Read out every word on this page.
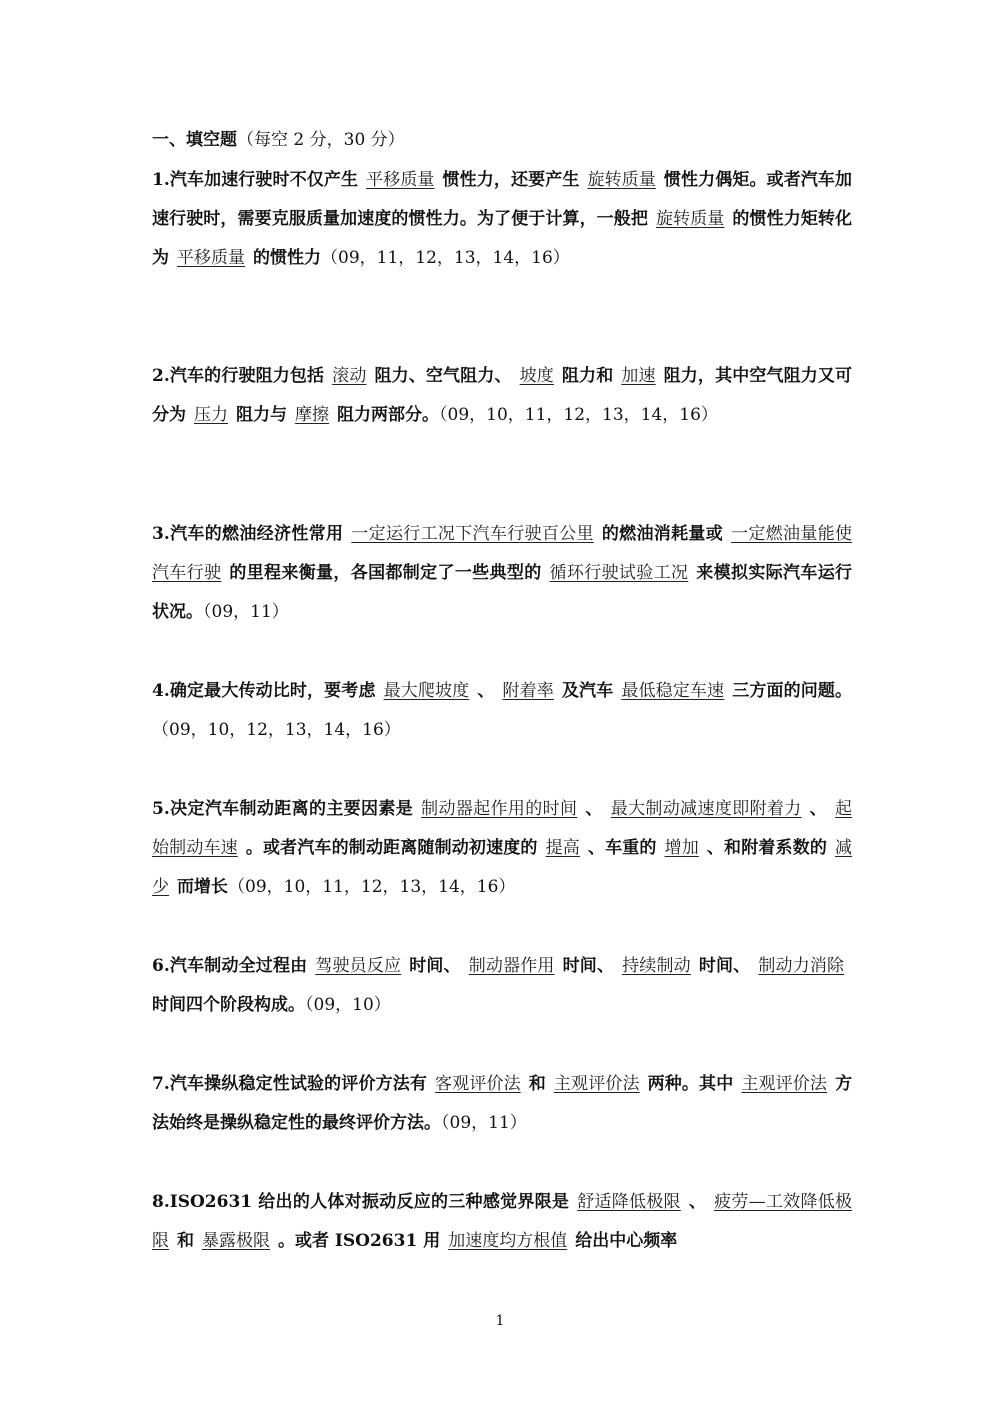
一、填空题（每空 2 分，30 分）
1.汽车加速行驶时不仅产生 平移质量 惯性力，还要产生 旋转质量 惯性力偶矩。或者汽车加速行驶时，需要克服质量加速度的惯性力。为了便于计算，一般把 旋转质量 的惯性力矩转化为 平移质量 的惯性力（09，11，12，13，14，16）
2.汽车的行驶阻力包括 滚动 阻力、空气阻力、 坡度 阻力和 加速 阻力，其中空气阻力又可分为 压力 阻力与 摩擦 阻力两部分。（09，10，11，12，13，14，16）
3.汽车的燃油经济性常用 一定运行工况下汽车行驶百公里 的燃油消耗量或 一定燃油量能使汽车行驶 的里程来衡量，各国都制定了一些典型的 循环行驶试验工况 来模拟实际汽车运行状况。（09，11）
4.确定最大传动比时，要考虑 最大爬坡度 、 附着率 及汽车 最低稳定车速 三方面的问题。（09，10，12，13，14，16）
5.决定汽车制动距离的主要因素是 制动器起作用的时间 、 最大制动减速度即附着力 、 起始制动车速 。或者汽车的制动距离随制动初速度的 提高 、车重的 增加 、和附着系数的 减少 而增长（09，10，11，12，13，14，16）
6.汽车制动全过程由 驾驶员反应 时间、 制动器作用 时间、 持续制动 时间、 制动力消除时间四个阶段构成。（09，10）
7.汽车操纵稳定性试验的评价方法有 客观评价法 和 主观评价法 两种。其中 主观评价法 方法始终是操纵稳定性的最终评价方法。（09，11）
8.ISO2631 给出的人体对振动反应的三种感觉界限是 舒适降低极限 、 疲劳—工效降低极限 和 暴露极限 。或者 ISO2631 用 加速度均方根值 给出中心频率
1
